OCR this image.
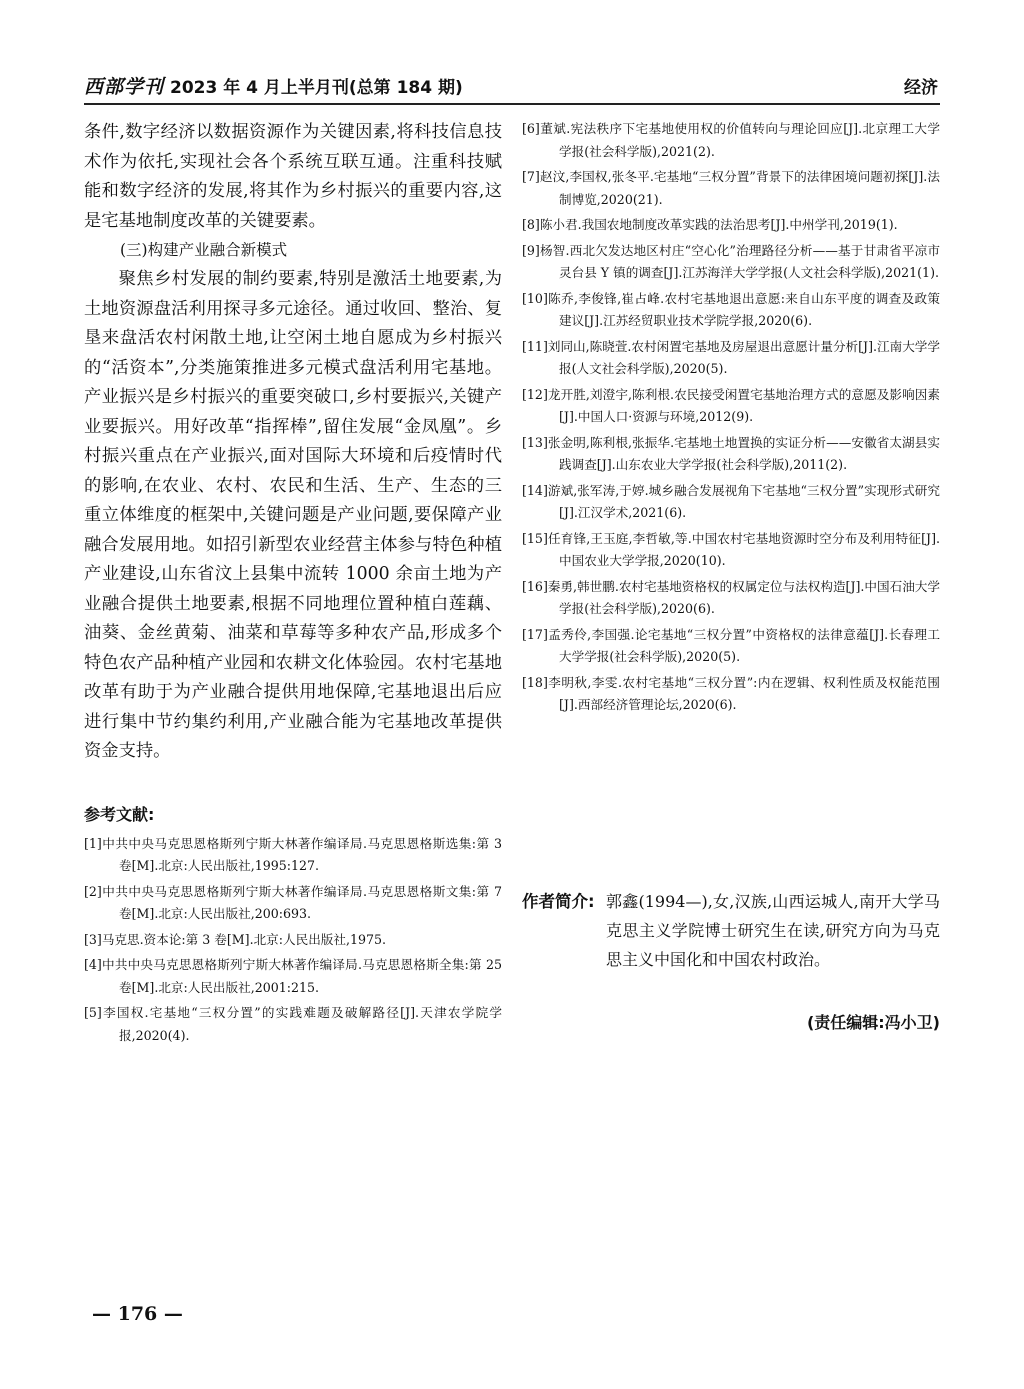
西部学刊 2023 年 4 月上半月刊(总第 184 期)	经济

条件,数字经济以数据资源作为关键因素,将科技信息技术作为依托,实现社会各个系统互联互通。注重科技赋能和数字经济的发展,将其作为乡村振兴的重要内容,这是宅基地制度改革的关键要素。

(三)构建产业融合新模式

聚焦乡村发展的制约要素,特别是激活土地要素,为土地资源盘活利用探寻多元途径。通过收回、整治、复垦来盘活农村闲散土地,让空闲土地自愿成为乡村振兴的“活资本”,分类施策推进多元模式盘活利用宅基地。产业振兴是乡村振兴的重要突破口,乡村要振兴,关键产业要振兴。用好改革“指挥棒”,留住发展“金凤凰”。乡村振兴重点在产业振兴,面对国际大环境和后疫情时代的影响,在农业、农村、农民和生活、生产、生态的三重立体维度的框架中,关键问题是产业问题,要保障产业融合发展用地。如招引新型农业经营主体参与特色种植产业建设,山东省汶上县集中流转 1000 余亩土地为产业融合提供土地要素,根据不同地理位置种植白莲藕、油葵、金丝黄菊、油菜和草莓等多种农产品,形成多个特色农产品种植产业园和农耕文化体验园。农村宅基地改革有助于为产业融合提供用地保障,宅基地退出后应进行集中节约集约利用,产业融合能为宅基地改革提供资金支持。

参考文献:

[1]中共中央马克思恩格斯列宁斯大林著作编译局.马克思恩格斯选集:第 3 卷[M].北京:人民出版社,1995:127.

[2]中共中央马克思恩格斯列宁斯大林著作编译局.马克思恩格斯文集:第 7 卷[M].北京:人民出版社,200:693.

[3]马克思.资本论:第 3 卷[M].北京:人民出版社,1975.

[4]中共中央马克思恩格斯列宁斯大林著作编译局.马克思恩格斯全集:第 25 卷[M].北京:人民出版社,2001:215.

[5]李国权.宅基地“三权分置”的实践难题及破解路径[J].天津农学院学报,2020(4).

[6]董斌.宪法秩序下宅基地使用权的价值转向与理论回应[J].北京理工大学学报(社会科学版),2021(2).

[7]赵汶,李国权,张冬平.宅基地“三权分置”背景下的法律困境问题初探[J].法制博览,2020(21).

[8]陈小君.我国农地制度改革实践的法治思考[J].中州学刊,2019(1).

[9]杨智.西北欠发达地区村庄“空心化”治理路径分析——基于甘肃省平凉市灵台县 Y 镇的调查[J].江苏海洋大学学报(人文社会科学版),2021(1).

[10]陈乔,李俊锋,崔占峰.农村宅基地退出意愿:来自山东平度的调查及政策建议[J].江苏经贸职业技术学院学报,2020(6).

[11]刘同山,陈晓萱.农村闲置宅基地及房屋退出意愿计量分析[J].江南大学学报(人文社会科学版),2020(5).

[12]龙开胜,刘澄宇,陈利根.农民接受闲置宅基地治理方式的意愿及影响因素[J].中国人口·资源与环境,2012(9).

[13]张金明,陈利根,张振华.宅基地土地置换的实证分析——安徽省太湖县实践调查[J].山东农业大学学报(社会科学版),2011(2).

[14]游斌,张军涛,于婷.城乡融合发展视角下宅基地“三权分置”实现形式研究[J].江汉学术,2021(6).

[15]任育锋,王玉庭,李哲敏,等.中国农村宅基地资源时空分布及利用特征[J].中国农业大学学报,2020(10).

[16]秦勇,韩世鹏.农村宅基地资格权的权属定位与法权构造[J].中国石油大学学报(社会科学版),2020(6).

[17]孟秀伶,李国强.论宅基地“三权分置”中资格权的法律意蕴[J].长春理工大学学报(社会科学版),2020(5).

[18]李明秋,李雯.农村宅基地“三权分置”:内在逻辑、权利性质及权能范围[J].西部经济管理论坛,2020(6).

作者简介: 郭鑫(1994—),女,汉族,山西运城人,南开大学马克思主义学院博士研究生在读,研究方向为马克思主义中国化和中国农村政治。
(责任编辑:冯小卫)
— 176 —
